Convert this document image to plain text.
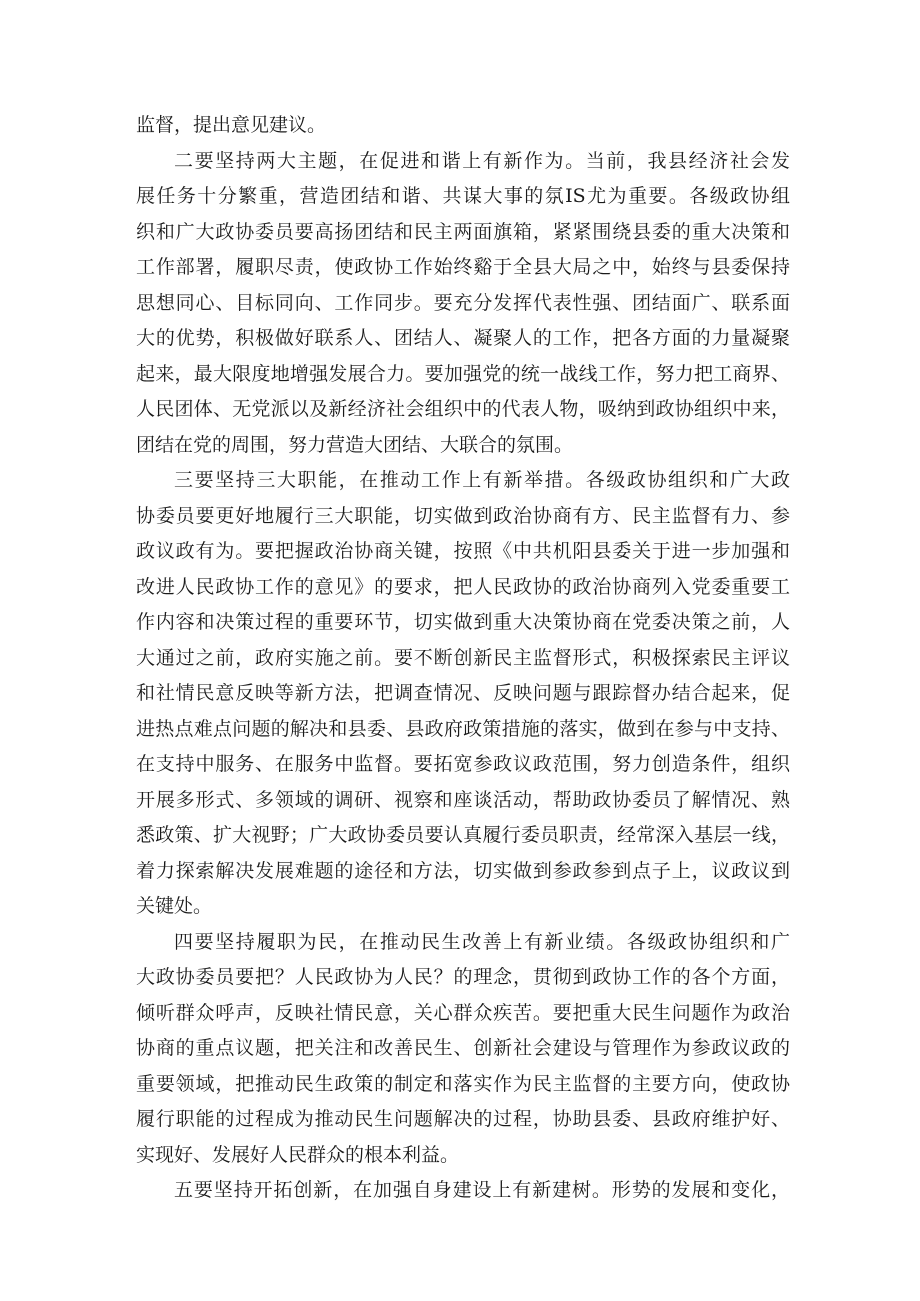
监督，提出意见建议。
二要坚持两大主题，在促进和谐上有新作为。当前，我县经济社会发
展任务十分繁重，营造团结和谐、共谋大事的氛IS尤为重要。各级政协组
织和广大政协委员要高扬团结和民主两面旗箱，紧紧围绕县委的重大决策和
工作部署，履职尽责，使政协工作始终谿于全县大局之中，始终与县委保持
思想同心、目标同向、工作同步。要充分发挥代表性强、团结面广、联系面
大的优势，积极做好联系人、团结人、凝聚人的工作，把各方面的力量凝聚
起来，最大限度地增强发展合力。要加强党的统一战线工作，努力把工商界、
人民团体、无党派以及新经济社会组织中的代表人物，吸纳到政协组织中来，
团结在党的周围，努力营造大团结、大联合的氛围。
三要坚持三大职能，在推动工作上有新举措。各级政协组织和广大政
协委员要更好地履行三大职能，切实做到政治协商有方、民主监督有力、参
政议政有为。要把握政治协商关键，按照《中共机阳县委关于进一步加强和
改进人民政协工作的意见》的要求，把人民政协的政治协商列入党委重要工
作内容和决策过程的重要环节，切实做到重大决策协商在党委决策之前，人
大通过之前，政府实施之前。要不断创新民主监督形式，积极探索民主评议
和社情民意反映等新方法，把调查情况、反映问题与跟踪督办结合起来，促
进热点难点问题的解决和县委、县政府政策措施的落实，做到在参与中支持、
在支持中服务、在服务中监督。要拓宽参政议政范围，努力创造条件，组织
开展多形式、多领域的调研、视察和座谈活动，帮助政协委员了解情况、熟
悉政策、扩大视野；广大政协委员要认真履行委员职责，经常深入基层一线，
着力探索解决发展难题的途径和方法，切实做到参政参到点子上，议政议到
关键处。
四要坚持履职为民，在推动民生改善上有新业绩。各级政协组织和广
大政协委员要把？人民政协为人民？的理念，贯彻到政协工作的各个方面，
倾听群众呼声，反映社情民意，关心群众疾苦。要把重大民生问题作为政治
协商的重点议题，把关注和改善民生、创新社会建设与管理作为参政议政的
重要领域，把推动民生政策的制定和落实作为民主监督的主要方向，使政协
履行职能的过程成为推动民生问题解决的过程，协助县委、县政府维护好、
实现好、发展好人民群众的根本利益。
五要坚持开拓创新，在加强自身建设上有新建树。形势的发展和变化，
